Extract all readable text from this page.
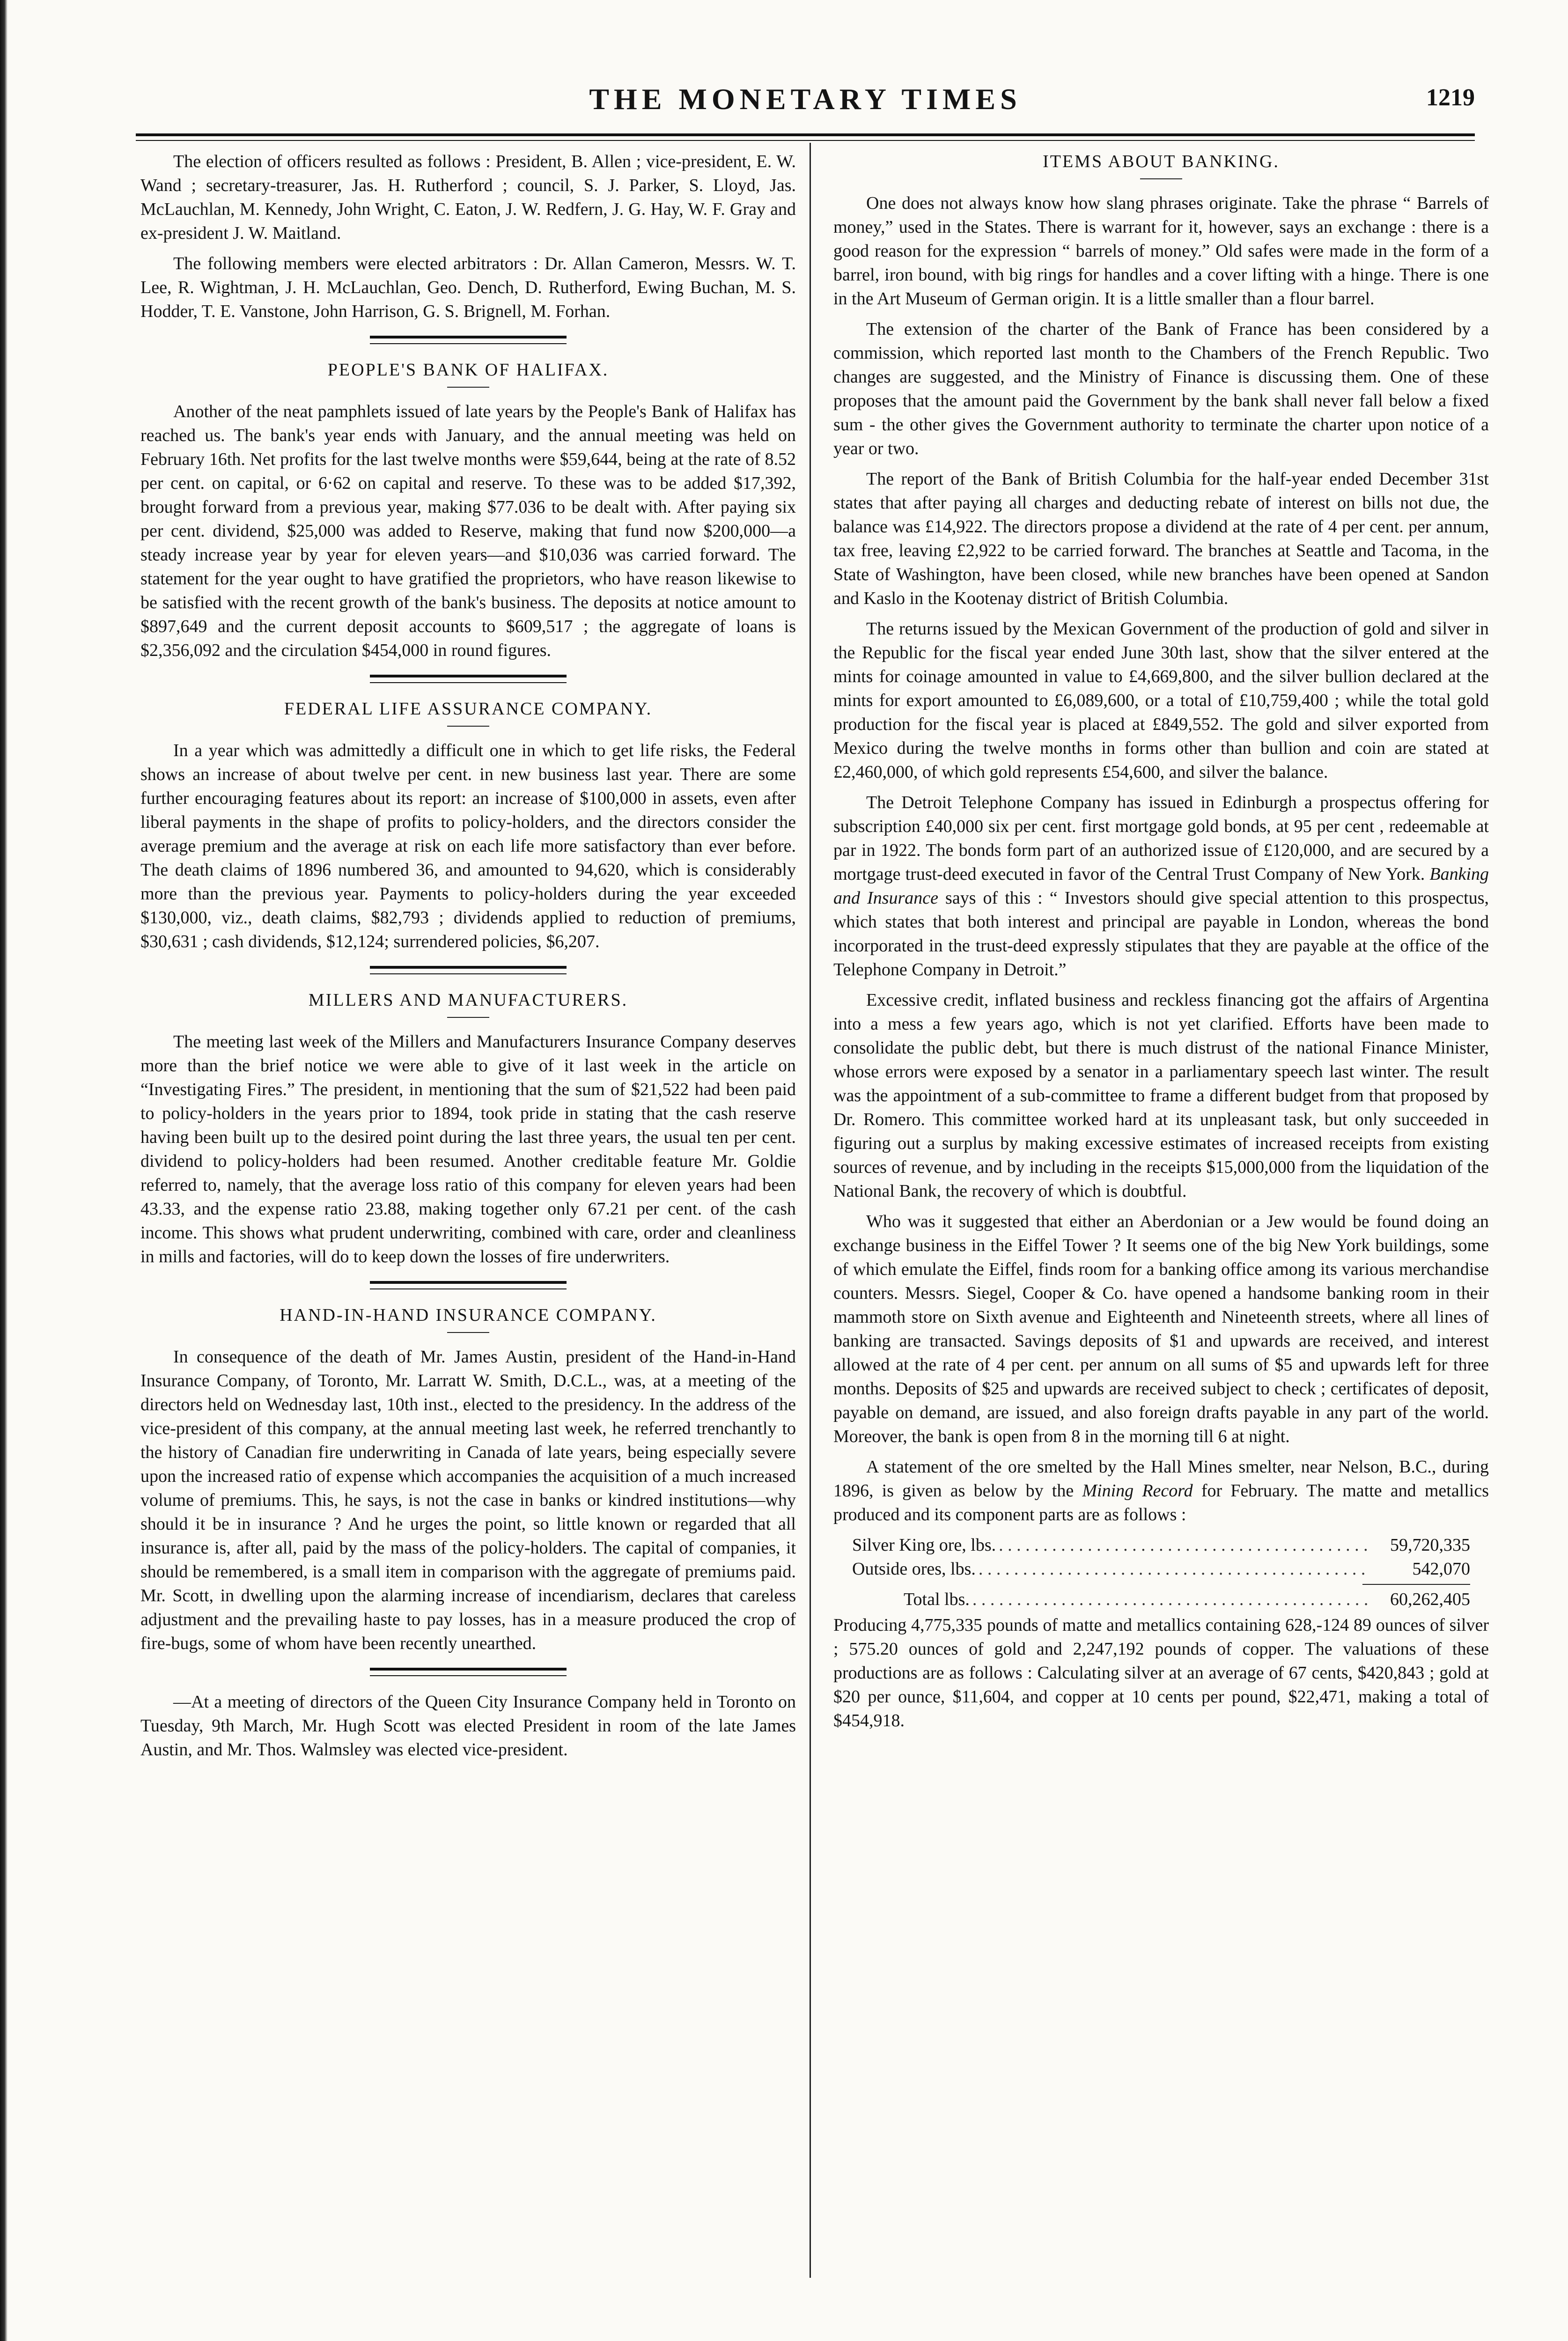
THE MONETARY TIMES	1219

The election of officers resulted as follows : President, B. Allen ; vice-president, E. W. Wand ; secretary-treasurer, Jas. H. Rutherford ; council, S. J. Parker, S. Lloyd, Jas. McLauchlan, M. Kennedy, John Wright, C. Eaton, J. W. Redfern, J. G. Hay, W. F. Gray and ex-president J. W. Maitland.

The following members were elected arbitrators : Dr. Allan Cameron, Messrs. W. T. Lee, R. Wightman, J. H. McLauchlan, Geo. Dench, D. Rutherford, Ewing Buchan, M. S. Hodder, T. E. Vanstone, John Harrison, G. S. Brignell, M. Forhan.

PEOPLE'S BANK OF HALIFAX.

Another of the neat pamphlets issued of late years by the People's Bank of Halifax has reached us. The bank's year ends with January, and the annual meeting was held on February 16th. Net profits for the last twelve months were $59,644, being at the rate of 8.52 per cent. on capital, or 6·62 on capital and reserve. To these was to be added $17,392, brought forward from a previous year, making $77.036 to be dealt with. After paying six per cent. dividend, $25,000 was added to Reserve, making that fund now $200,000—a steady increase year by year for eleven years—and $10,036 was carried forward. The statement for the year ought to have gratified the proprietors, who have reason likewise to be satisfied with the recent growth of the bank's business. The deposits at notice amount to $897,649 and the current deposit accounts to $609,517 ; the aggregate of loans is $2,356,092 and the circulation $454,000 in round figures.

FEDERAL LIFE ASSURANCE COMPANY.

In a year which was admittedly a difficult one in which to get life risks, the Federal shows an increase of about twelve per cent. in new business last year. There are some further encouraging features about its report: an increase of $100,000 in assets, even after liberal payments in the shape of profits to policy-holders, and the directors consider the average premium and the average at risk on each life more satisfactory than ever before. The death claims of 1896 numbered 36, and amounted to 94,620, which is considerably more than the previous year. Payments to policy-holders during the year exceeded $130,000, viz., death claims, $82,793 ; dividends applied to reduction of premiums, $30,631 ; cash dividends, $12,124; surrendered policies, $6,207.

MILLERS AND MANUFACTURERS.

The meeting last week of the Millers and Manufacturers Insurance Company deserves more than the brief notice we were able to give of it last week in the article on “Investigating Fires.” The president, in mentioning that the sum of $21,522 had been paid to policy-holders in the years prior to 1894, took pride in stating that the cash reserve having been built up to the desired point during the last three years, the usual ten per cent. dividend to policy-holders had been resumed. Another creditable feature Mr. Goldie referred to, namely, that the average loss ratio of this company for eleven years had been 43.33, and the expense ratio 23.88, making together only 67.21 per cent. of the cash income. This shows what prudent underwriting, combined with care, order and cleanliness in mills and factories, will do to keep down the losses of fire underwriters.

HAND-IN-HAND INSURANCE COMPANY.

In consequence of the death of Mr. James Austin, president of the Hand-in-Hand Insurance Company, of Toronto, Mr. Larratt W. Smith, D.C.L., was, at a meeting of the directors held on Wednesday last, 10th inst., elected to the presidency. In the address of the vice-president of this company, at the annual meeting last week, he referred trenchantly to the history of Canadian fire underwriting in Canada of late years, being especially severe upon the increased ratio of expense which accompanies the acquisition of a much increased volume of premiums. This, he says, is not the case in banks or kindred institutions—why should it be in insurance ? And he urges the point, so little known or regarded that all insurance is, after all, paid by the mass of the policy-holders. The capital of companies, it should be remembered, is a small item in comparison with the aggregate of premiums paid. Mr. Scott, in dwelling upon the alarming increase of incendiarism, declares that careless adjustment and the prevailing haste to pay losses, has in a measure produced the crop of fire-bugs, some of whom have been recently unearthed.

—At a meeting of directors of the Queen City Insurance Company held in Toronto on Tuesday, 9th March, Mr. Hugh Scott was elected President in room of the late James Austin, and Mr. Thos. Walmsley was elected vice-president.

ITEMS ABOUT BANKING.

One does not always know how slang phrases originate. Take the phrase “ Barrels of money,” used in the States. There is warrant for it, however, says an exchange : there is a good reason for the expression “ barrels of money.” Old safes were made in the form of a barrel, iron bound, with big rings for handles and a cover lifting with a hinge. There is one in the Art Museum of German origin. It is a little smaller than a flour barrel.

The extension of the charter of the Bank of France has been considered by a commission, which reported last month to the Chambers of the French Republic. Two changes are suggested, and the Ministry of Finance is discussing them. One of these proposes that the amount paid the Government by the bank shall never fall below a fixed sum - the other gives the Government authority to terminate the charter upon notice of a year or two.

The report of the Bank of British Columbia for the half-year ended December 31st states that after paying all charges and deducting rebate of interest on bills not due, the balance was £14,922. The directors propose a dividend at the rate of 4 per cent. per annum, tax free, leaving £2,922 to be carried forward. The branches at Seattle and Tacoma, in the State of Washington, have been closed, while new branches have been opened at Sandon and Kaslo in the Kootenay district of British Columbia.

The returns issued by the Mexican Government of the production of gold and silver in the Republic for the fiscal year ended June 30th last, show that the silver entered at the mints for coinage amounted in value to £4,669,800, and the silver bullion declared at the mints for export amounted to £6,089,600, or a total of £10,759,400 ; while the total gold production for the fiscal year is placed at £849,552. The gold and silver exported from Mexico during the twelve months in forms other than bullion and coin are stated at £2,460,000, of which gold represents £54,600, and silver the balance.

The Detroit Telephone Company has issued in Edinburgh a prospectus offering for subscription £40,000 six per cent. first mortgage gold bonds, at 95 per cent , redeemable at par in 1922. The bonds form part of an authorized issue of £120,000, and are secured by a mortgage trust-deed executed in favor of the Central Trust Company of New York. Banking and Insurance says of this : “ Investors should give special attention to this prospectus, which states that both interest and principal are payable in London, whereas the bond incorporated in the trust-deed expressly stipulates that they are payable at the office of the Telephone Company in Detroit.”

Excessive credit, inflated business and reckless financing got the affairs of Argentina into a mess a few years ago, which is not yet clarified. Efforts have been made to consolidate the public debt, but there is much distrust of the national Finance Minister, whose errors were exposed by a senator in a parliamentary speech last winter. The result was the appointment of a sub-committee to frame a different budget from that proposed by Dr. Romero. This committee worked hard at its unpleasant task, but only succeeded in figuring out a surplus by making excessive estimates of increased receipts from existing sources of revenue, and by including in the receipts $15,000,000 from the liquidation of the National Bank, the recovery of which is doubtful.

Who was it suggested that either an Aberdonian or a Jew would be found doing an exchange business in the Eiffel Tower ? It seems one of the big New York buildings, some of which emulate the Eiffel, finds room for a banking office among its various merchandise counters. Messrs. Siegel, Cooper & Co. have opened a handsome banking room in their mammoth store on Sixth avenue and Eighteenth and Nineteenth streets, where all lines of banking are transacted. Savings deposits of $1 and upwards are received, and interest allowed at the rate of 4 per cent. per annum on all sums of $5 and upwards left for three months. Deposits of $25 and upwards are received subject to check ; certificates of deposit, payable on demand, are issued, and also foreign drafts payable in any part of the world. Moreover, the bank is open from 8 in the morning till 6 at night.

A statement of the ore smelted by the Hall Mines smelter, near Nelson, B.C., during 1896, is given as below by the Mining Record for February. The matte and metallics produced and its component parts are as follows :

Silver King ore, lbs. . . .	59,720,335
Outside ores, lbs. . . .	542,070
Total lbs. . . .	60,262,405

Producing 4,775,335 pounds of matte and metallics containing 628,-124 89 ounces of silver ; 575.20 ounces of gold and 2,247,192 pounds of copper. The valuations of these productions are as follows : Calculating silver at an average of 67 cents, $420,843 ; gold at $20 per ounce, $11,604, and copper at 10 cents per pound, $22,471, making a total of $454,918.
